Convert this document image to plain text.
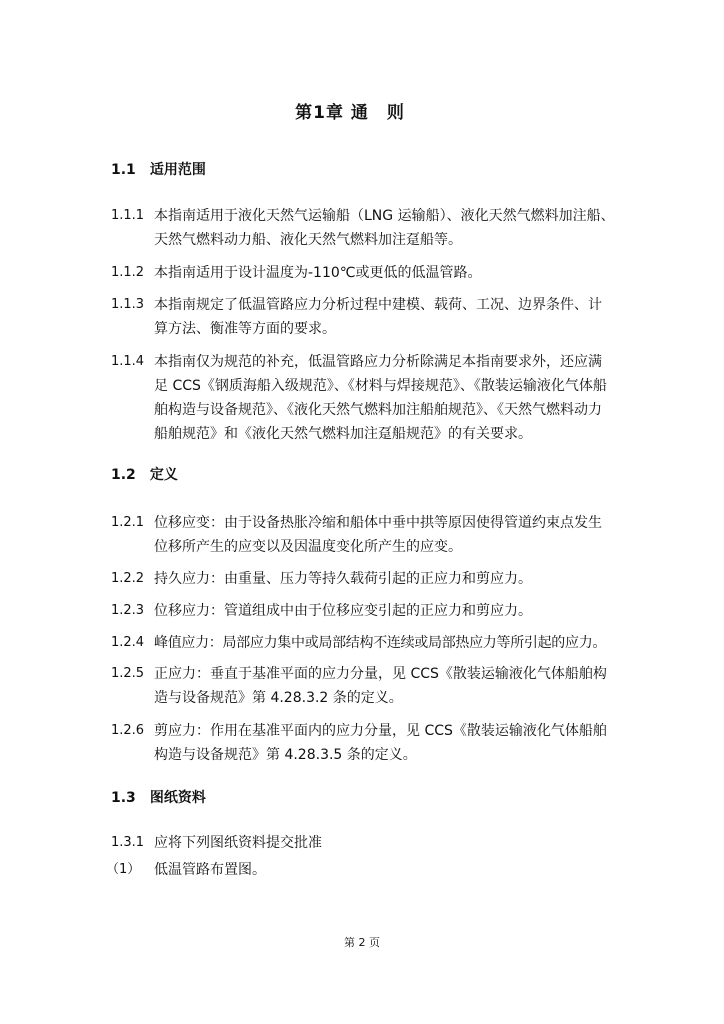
第1章 通　则
1.1 适用范围
1.1.1 本指南适用于液化天然气运输船（LNG 运输船）、液化天然气燃料加注船、
天然气燃料动力船、液化天然气燃料加注趸船等。
1.1.2 本指南适用于设计温度为-110℃或更低的低温管路。
1.1.3 本指南规定了低温管路应力分析过程中建模、载荷、工况、边界条件、计
算方法、衡准等方面的要求。
1.1.4 本指南仅为规范的补充，低温管路应力分析除满足本指南要求外，还应满
足 CCS《钢质海船入级规范》、《材料与焊接规范》、《散装运输液化气体船
舶构造与设备规范》、《液化天然气燃料加注船舶规范》、《天然气燃料动力
船舶规范》和《液化天然气燃料加注趸船规范》的有关要求。
1.2 定义
1.2.1 位移应变：由于设备热胀冷缩和船体中垂中拱等原因使得管道约束点发生
位移所产生的应变以及因温度变化所产生的应变。
1.2.2 持久应力：由重量、压力等持久载荷引起的正应力和剪应力。
1.2.3 位移应力：管道组成中由于位移应变引起的正应力和剪应力。
1.2.4 峰值应力：局部应力集中或局部结构不连续或局部热应力等所引起的应力。
1.2.5 正应力：垂直于基准平面的应力分量，见 CCS《散装运输液化气体船舶构
造与设备规范》第 4.28.3.2 条的定义。
1.2.6 剪应力：作用在基准平面内的应力分量，见 CCS《散装运输液化气体船舶
构造与设备规范》第 4.28.3.5 条的定义。
1.3 图纸资料
1.3.1 应将下列图纸资料提交批准
（1） 低温管路布置图。
第 2 页
